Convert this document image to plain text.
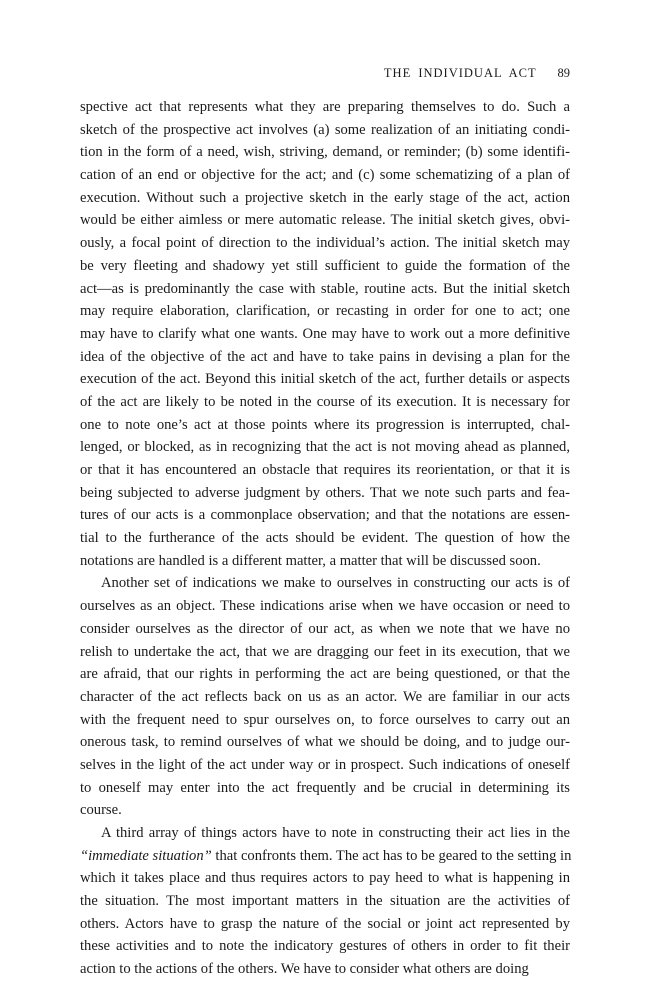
THE INDIVIDUAL ACT 89
spective act that represents what they are preparing themselves to do. Such a
sketch of the prospective act involves (a) some realization of an initiating condi-
tion in the form of a need, wish, striving, demand, or reminder; (b) some identifi-
cation of an end or objective for the act; and (c) some schematizing of a plan of
execution. Without such a projective sketch in the early stage of the act, action
would be either aimless or mere automatic release. The initial sketch gives, obvi-
ously, a focal point of direction to the individual’s action. The initial sketch may
be very fleeting and shadowy yet still sufficient to guide the formation of the
act—as is predominantly the case with stable, routine acts. But the initial sketch
may require elaboration, clarification, or recasting in order for one to act; one
may have to clarify what one wants. One may have to work out a more definitive
idea of the objective of the act and have to take pains in devising a plan for the
execution of the act. Beyond this initial sketch of the act, further details or aspects
of the act are likely to be noted in the course of its execution. It is necessary for
one to note one’s act at those points where its progression is interrupted, chal-
lenged, or blocked, as in recognizing that the act is not moving ahead as planned,
or that it has encountered an obstacle that requires its reorientation, or that it is
being subjected to adverse judgment by others. That we note such parts and fea-
tures of our acts is a commonplace observation; and that the notations are essen-
tial to the furtherance of the acts should be evident. The question of how the
notations are handled is a different matter, a matter that will be discussed soon.
Another set of indications we make to ourselves in constructing our acts is of
ourselves as an object. These indications arise when we have occasion or need to
consider ourselves as the director of our act, as when we note that we have no
relish to undertake the act, that we are dragging our feet in its execution, that we
are afraid, that our rights in performing the act are being questioned, or that the
character of the act reflects back on us as an actor. We are familiar in our acts
with the frequent need to spur ourselves on, to force ourselves to carry out an
onerous task, to remind ourselves of what we should be doing, and to judge our-
selves in the light of the act under way or in prospect. Such indications of oneself
to oneself may enter into the act frequently and be crucial in determining its
course.
A third array of things actors have to note in constructing their act lies in the
“immediate situation” that confronts them. The act has to be geared to the setting in
which it takes place and thus requires actors to pay heed to what is happening in
the situation. The most important matters in the situation are the activities of
others. Actors have to grasp the nature of the social or joint act represented by
these activities and to note the indicatory gestures of others in order to fit their
action to the actions of the others. We have to consider what others are doing
